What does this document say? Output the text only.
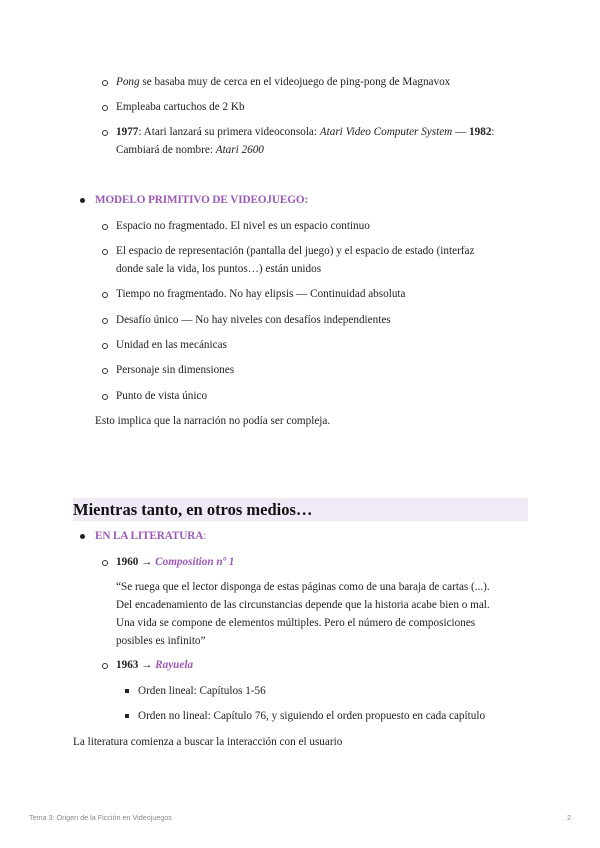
Pong se basaba muy de cerca en el videojuego de ping-pong de Magnavox
Empleaba cartuchos de 2 Kb
1977: Atari lanzará su primera videoconsola: Atari Video Computer System — 1982:
Cambiará de nombre: Atari 2600
MODELO PRIMITIVO DE VIDEOJUEGO:
Espacio no fragmentado. El nivel es un espacio continuo
El espacio de representación (pantalla del juego) y el espacio de estado (interfaz
donde sale la vida, los puntos…) están unidos
Tiempo no fragmentado. No hay elipsis — Continuidad absoluta
Desafío único — No hay niveles con desafíos independientes
Unidad en las mecánicas
Personaje sin dimensiones
Punto de vista único
Esto implica que la narración no podía ser compleja.
Mientras tanto, en otros medios…
EN LA LITERATURA:
1960 → Composition nº 1
“Se ruega que el lector disponga de estas páginas como de una baraja de cartas (...).
Del encadenamiento de las circunstancias depende que la historia acabe bien o mal.
Una vida se compone de elementos múltiples. Pero el número de composiciones
posibles es infinito”
1963 → Rayuela
Orden lineal: Capítulos 1-56
Orden no lineal: Capítulo 76, y siguiendo el orden propuesto en cada capítulo
La literatura comienza a buscar la interacción con el usuario
Tema 3: Origen de la Ficción en Videojuegos	2
